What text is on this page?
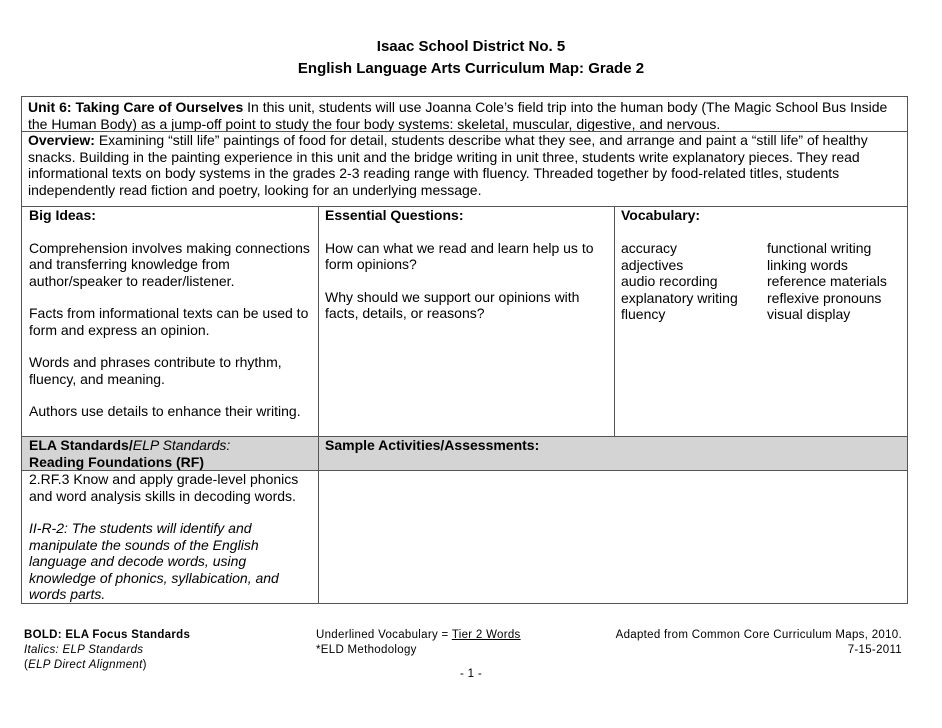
Isaac School District No. 5
English Language Arts Curriculum Map: Grade 2
Unit 6: Taking Care of Ourselves In this unit, students will use Joanna Cole’s field trip into the human body (The Magic School Bus Inside the Human Body) as a jump-off point to study the four body systems: skeletal, muscular, digestive, and nervous.
Overview: Examining “still life” paintings of food for detail, students describe what they see, and arrange and paint a “still life” of healthy snacks. Building in the painting experience in this unit and the bridge writing in unit three, students write explanatory pieces. They read informational texts on body systems in the grades 2-3 reading range with fluency. Threaded together by food-related titles, students independently read fiction and poetry, looking for an underlying message.
Big Ideas:
Comprehension involves making connections and transferring knowledge from author/speaker to reader/listener.
Facts from informational texts can be used to form and express an opinion.
Words and phrases contribute to rhythm, fluency, and meaning.
Authors use details to enhance their writing.
Essential Questions:
How can what we read and learn help us to form opinions?
Why should we support our opinions with facts, details, or reasons?
Vocabulary:
accuracy
adjectives
audio recording
explanatory writing
fluency
functional writing
linking words
reference materials
reflexive pronouns
visual display
ELA Standards/ELP Standards:
Reading Foundations (RF)
Sample Activities/Assessments:
2.RF.3 Know and apply grade-level phonics and word analysis skills in decoding words.
II-R-2: The students will identify and manipulate the sounds of the English language and decode words, using knowledge of phonics, syllabication, and words parts.
BOLD: ELA Focus Standards
Italics: ELP Standards
(ELP Direct Alignment)
Underlined Vocabulary = Tier 2 Words
*ELD Methodology
Adapted from Common Core Curriculum Maps, 2010.
7-15-2011
- 1 -
